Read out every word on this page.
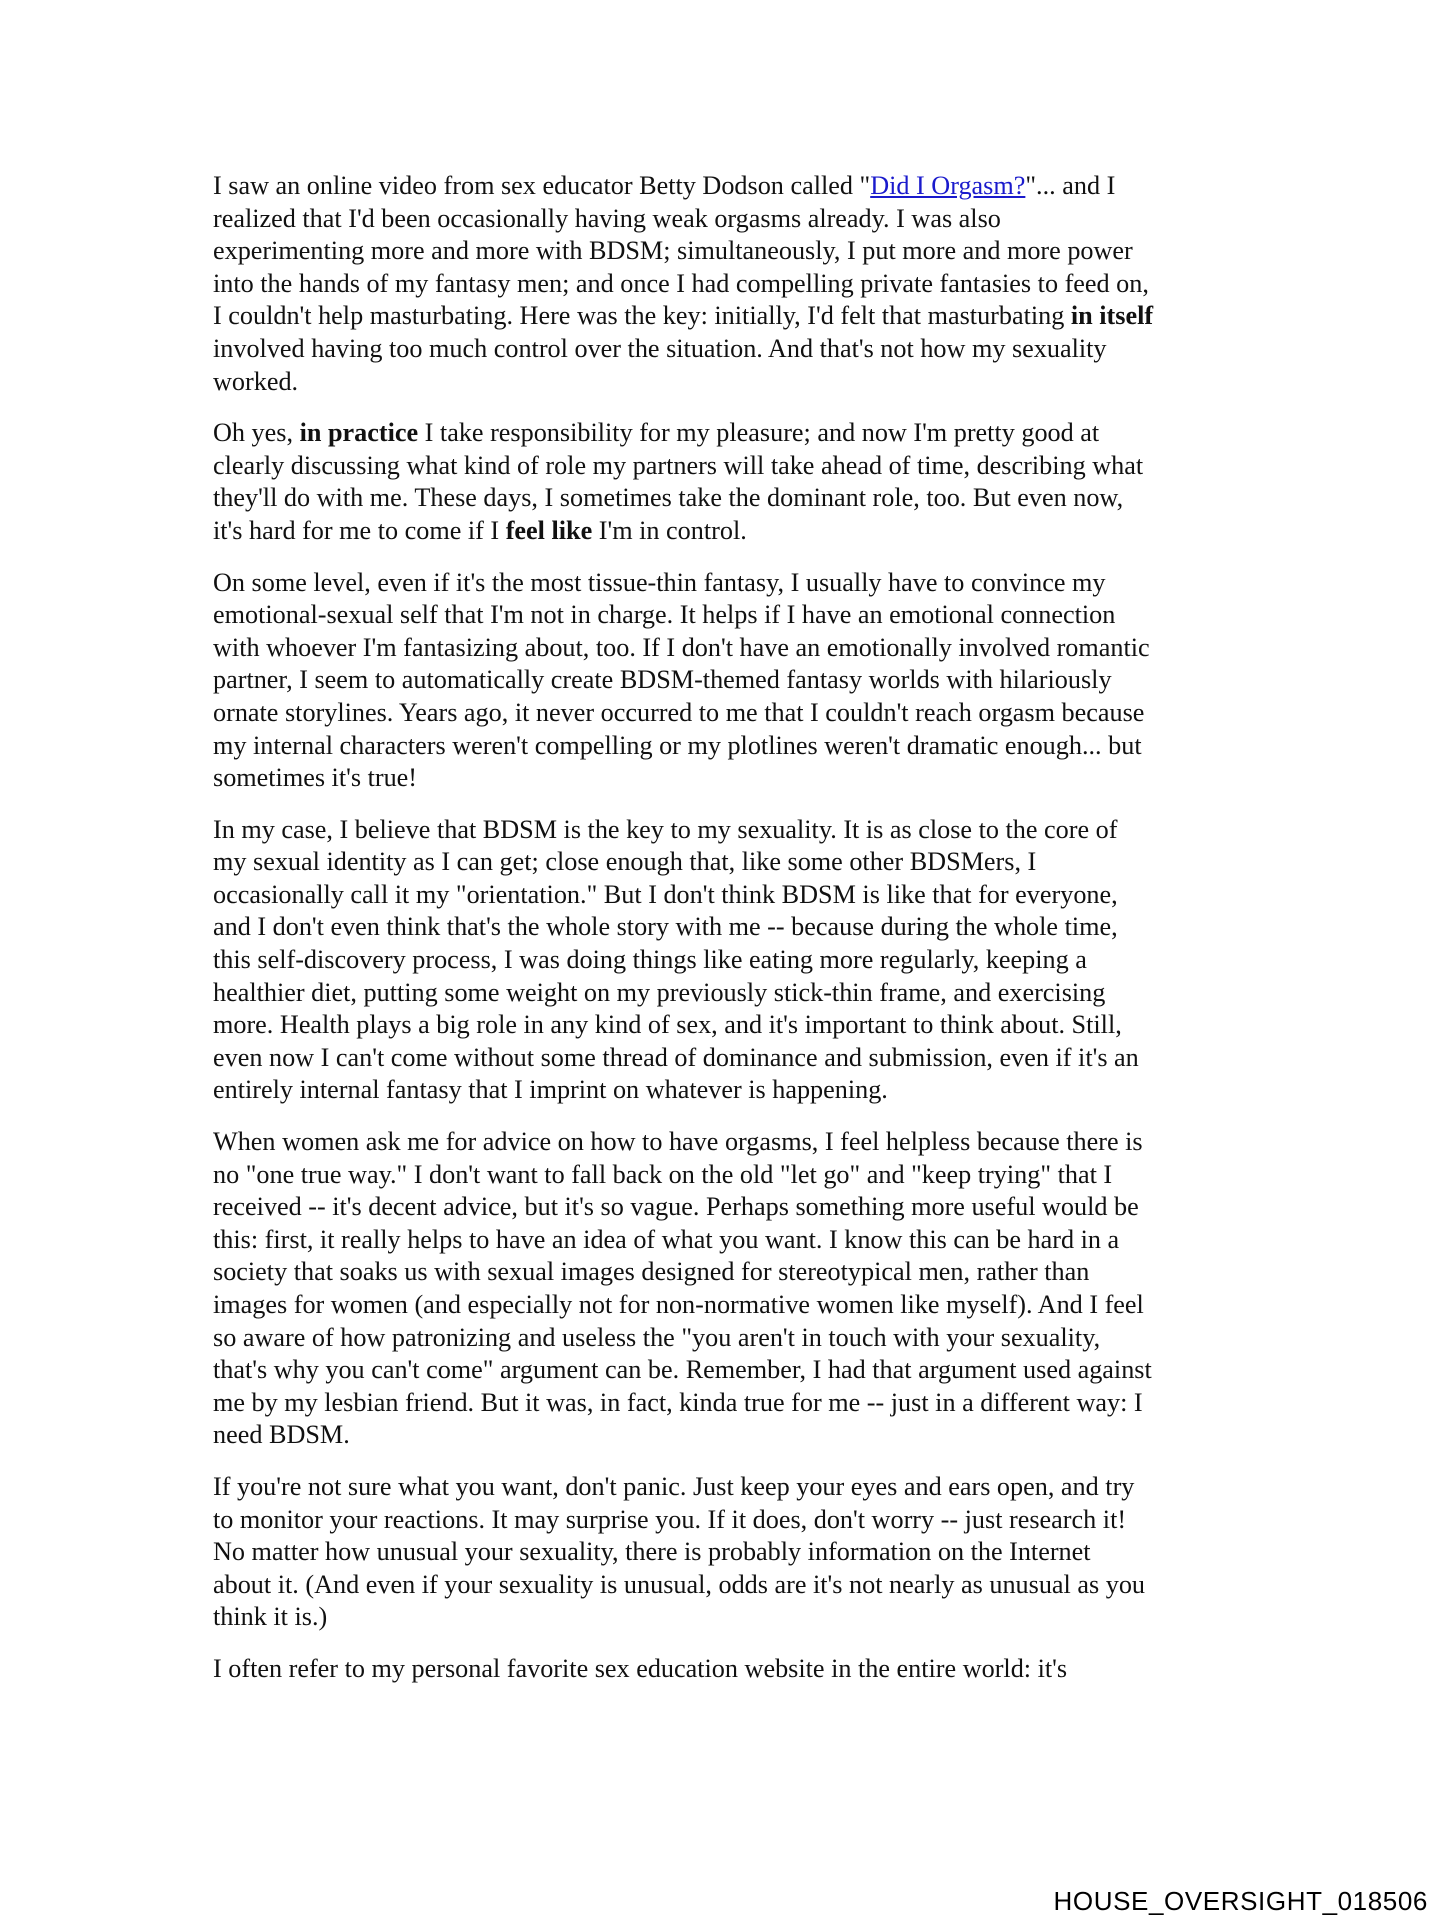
I saw an online video from sex educator Betty Dodson called "Did I Orgasm?"... and I
realized that I'd been occasionally having weak orgasms already. I was also
experimenting more and more with BDSM; simultaneously, I put more and more power
into the hands of my fantasy men; and once I had compelling private fantasies to feed on,
I couldn't help masturbating. Here was the key: initially, I'd felt that masturbating in itself
involved having too much control over the situation. And that's not how my sexuality
worked.

Oh yes, in practice I take responsibility for my pleasure; and now I'm pretty good at
clearly discussing what kind of role my partners will take ahead of time, describing what
they'll do with me. These days, I sometimes take the dominant role, too. But even now,
it's hard for me to come if I feel like I'm in control.

On some level, even if it's the most tissue-thin fantasy, I usually have to convince my
emotional-sexual self that I'm not in charge. It helps if I have an emotional connection
with whoever I'm fantasizing about, too. If I don't have an emotionally involved romantic
partner, I seem to automatically create BDSM-themed fantasy worlds with hilariously
ornate storylines. Years ago, it never occurred to me that I couldn't reach orgasm because
my internal characters weren't compelling or my plotlines weren't dramatic enough... but
sometimes it's true!

In my case, I believe that BDSM is the key to my sexuality. It is as close to the core of
my sexual identity as I can get; close enough that, like some other BDSMers, I
occasionally call it my "orientation." But I don't think BDSM is like that for everyone,
and I don't even think that's the whole story with me -- because during the whole time,
this self-discovery process, I was doing things like eating more regularly, keeping a
healthier diet, putting some weight on my previously stick-thin frame, and exercising
more. Health plays a big role in any kind of sex, and it's important to think about. Still,
even now I can't come without some thread of dominance and submission, even if it's an
entirely internal fantasy that I imprint on whatever is happening.

When women ask me for advice on how to have orgasms, I feel helpless because there is
no "one true way." I don't want to fall back on the old "let go" and "keep trying" that I
received -- it's decent advice, but it's so vague. Perhaps something more useful would be
this: first, it really helps to have an idea of what you want. I know this can be hard in a
society that soaks us with sexual images designed for stereotypical men, rather than
images for women (and especially not for non-normative women like myself). And I feel
so aware of how patronizing and useless the "you aren't in touch with your sexuality,
that's why you can't come" argument can be. Remember, I had that argument used against
me by my lesbian friend. But it was, in fact, kinda true for me -- just in a different way: I
need BDSM.

If you're not sure what you want, don't panic. Just keep your eyes and ears open, and try
to monitor your reactions. It may surprise you. If it does, don't worry -- just research it!
No matter how unusual your sexuality, there is probably information on the Internet
about it. (And even if your sexuality is unusual, odds are it's not nearly as unusual as you
think it is.)

I often refer to my personal favorite sex education website in the entire world: it's

HOUSE_OVERSIGHT_018506
